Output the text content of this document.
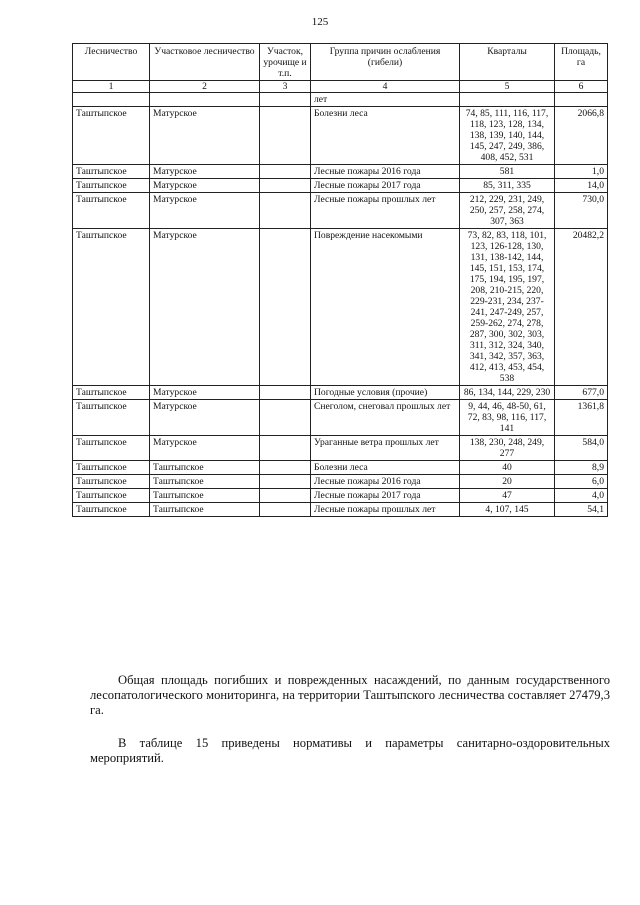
125
Лесничество	Участковое лесничество	Участок, урочище и т.п.	Группа причин ослабления (гибели)	Кварталы	Площадь, га
1	2	3	4	5	6
			лет		
Таштыпское	Матурское		Болезни леса	74, 85, 111, 116, 117, 118, 123, 128, 134, 138, 139, 140, 144, 145, 247, 249, 386, 408, 452, 531	2066,8
Таштыпское	Матурское		Лесные пожары 2016 года	581	1,0
Таштыпское	Матурское		Лесные пожары 2017 года	85, 311, 335	14,0
Таштыпское	Матурское		Лесные пожары прошлых лет	212, 229, 231, 249, 250, 257, 258, 274, 307, 363	730,0
Таштыпское	Матурское		Повреждение насекомыми	73, 82, 83, 118, 101, 123, 126-128, 130, 131, 138-142, 144, 145, 151, 153, 174, 175, 194, 195, 197, 208, 210-215, 220, 229-231, 234, 237-241, 247-249, 257, 259-262, 274, 278, 287, 300, 302, 303, 311, 312, 324, 340, 341, 342, 357, 363, 412, 413, 453, 454, 538	20482,2
Таштыпское	Матурское		Погодные условия (прочие)	86, 134, 144, 229, 230	677,0
Таштыпское	Матурское		Снеголом, снеговал прошлых лет	9, 44, 46, 48-50, 61, 72, 83, 98, 116, 117, 141	1361,8
Таштыпское	Матурское		Ураганные ветра прошлых лет	138, 230, 248, 249, 277	584,0
Таштыпское	Таштыпское		Болезни леса	40	8,9
Таштыпское	Таштыпское		Лесные пожары 2016 года	20	6,0
Таштыпское	Таштыпское		Лесные пожары 2017 года	47	4,0
Таштыпское	Таштыпское		Лесные пожары прошлых лет	4, 107, 145	54,1

Общая площадь погибших и поврежденных насаждений, по данным государственного лесопатологического мониторинга, на территории Таштыпского лесничества составляет 27479,3 га.

В таблице 15 приведены нормативы и параметры санитарно-оздоровительных мероприятий.
